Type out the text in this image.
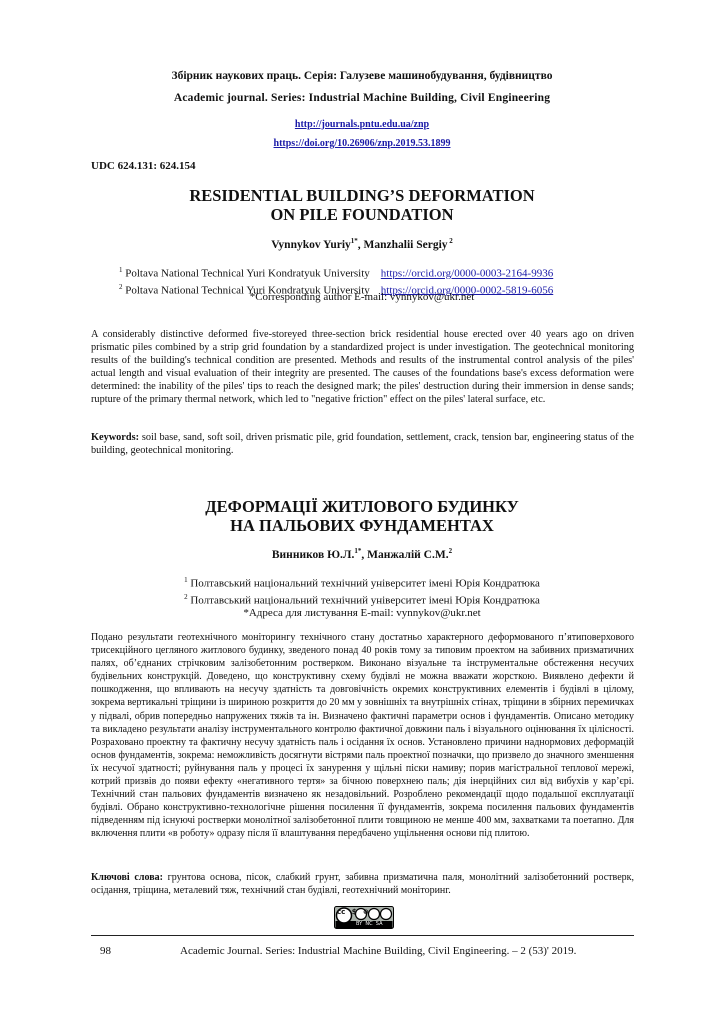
Збірник наукових праць. Серія: Галузеве машинобудування, будівництво
Academic journal. Series: Industrial Machine Building, Civil Engineering
http://journals.pntu.edu.ua/znp
https://doi.org/10.26906/znp.2019.53.1899
UDC 624.131: 624.154
RESIDENTIAL BUILDING’S DEFORMATION
ON PILE FOUNDATION
Vynnykov Yuriy$^{1*}$, Manzhalii Sergiy $^2$
$^1$ Poltava National Technical Yuri Kondratyuk University https://orcid.org/0000-0003-2164-9936
$^2$ Poltava National Technical Yuri Kondratyuk University https://orcid.org/0000-0002-5819-6056
*Corresponding author E-mail: vynnykov@ukr.net
A considerably distinctive deformed five-storeyed three-section brick residential house erected over 40 years ago on driven prismatic piles combined by a strip grid foundation by a standardized project is under investigation. The geotechnical monitoring results of the building's technical condition are presented. Methods and results of the instrumental control analysis of the piles' actual length and visual evaluation of their integrity are presented. The causes of the foundations base's excess deformation were determined: the inability of the piles' tips to reach the designed mark; the piles' destruction during their immersion in dense sands; rupture of the primary thermal network, which led to "negative friction" effect on the piles' lateral surface, etc.
Keywords: soil base, sand, soft soil, driven prismatic pile, grid foundation, settlement, crack, tension bar, engineering status of the building, geotechnical monitoring.
ДЕФОРМАЦІЇ ЖИТЛОВОГО БУДИНКУ
НА ПАЛЬОВИХ ФУНДАМЕНТАХ
Винников Ю.Л.$^{1*}$, Манжалій С.М.$^2$
$^1$ Полтавський національний технічний університет імені Юрія Кондратюка
$^2$ Полтавський національний технічний університет імені Юрія Кондратюка
*Адреса для листування E-mail: vynnykov@ukr.net
Подано результати геотехнічного моніторингу технічного стану достатньо характерного деформованого п’ятиповерхового трисекційного цегляного житлового будинку, зведеного понад 40 років тому за типовим проектом на забивних призматичних палях, об’єднаних стрічковим залізобетонним ростверком. Виконано візуальне та інструментальне обстеження несучих будівельних конструкцій. Доведено, що конструктивну схему будівлі не можна вважати жорсткою. Виявлено дефекти й пошкодження, що впливають на несучу здатність та довговічність окремих конструктивних елементів і будівлі в цілому, зокрема вертикальні тріщини із шириною розкриття до 20 мм у зовнішніх та внутрішніх стінах, тріщини в збірних перемичках у підвалі, обрив попередньо напружених тяжів та ін. Визначено фактичні параметри основ і фундаментів. Описано методику та викладено результати аналізу інструментального контролю фактичної довжини паль і візуального оцінювання їх цілісності. Розраховано проектну та фактичну несучу здатність паль і осідання їх основ. Установлено причини наднормових деформацій основ фундаментів, зокрема: неможливість досягнути вістрями паль проектної позначки, що призвело до значного зменшення їх несучої здатності; руйнування паль у процесі їх занурення у щільні піски намиву; порив магістральної теплової мережі, котрий призвів до появи ефекту «негативного тертя» за бічною поверхнею паль; дія інерційних сил від вибухів у кар’єрі. Технічний стан пальових фундаментів визначено як незадовільний. Розроблено рекомендації щодо подальшої експлуатації будівлі. Обрано конструктивно-технологічне рішення посилення її фундаментів, зокрема посилення пальових фундаментів підведенням під існуючі ростверки монолітної залізобетонної плити товщиною не менше 400 мм, захватками та поетапно. Для включення плити «в роботу» одразу після її влаштування передбачено ущільнення основи під плитою.
Ключові слова: грунтова основа, пісок, слабкий грунт, забивна призматична паля, монолітний залізобетонний ростверк, осідання, тріщина, металевий тяж, технічний стан будівлі, геотехнічний моніторинг.
cc $ ⊜
BY  NC  SA
98	Academic Journal. Series: Industrial Machine Building, Civil Engineering. – 2 (53)' 2019.
